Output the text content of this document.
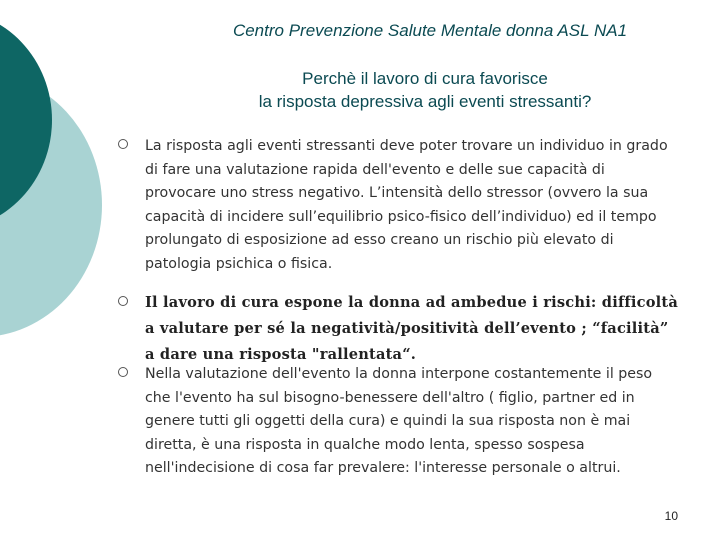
Centro Prevenzione Salute Mentale donna ASL NA1
Perchè il lavoro di cura favorisce
la risposta depressiva agli eventi stressanti?
La risposta agli eventi stressanti deve poter trovare un individuo in grado di fare una valutazione rapida dell'evento e delle sue capacità di provocare uno stress negativo. L’intensità dello stressor (ovvero la sua capacità di incidere sull’equilibrio psico-fisico dell’individuo) ed il tempo prolungato di esposizione ad esso creano un rischio più elevato di patologia psichica o fisica.
Il lavoro di cura espone la donna ad ambedue i rischi: difficoltà a valutare per sé la negatività/positività dell’evento ; “facilità” a dare una risposta "rallentata“.
Nella valutazione dell'evento la donna interpone costantemente il peso che l'evento ha sul bisogno-benessere dell'altro ( figlio, partner ed in genere tutti gli oggetti della cura) e quindi la sua risposta non è mai diretta, è una risposta in qualche modo lenta, spesso sospesa nell'indecisione di cosa far prevalere: l'interesse personale o altrui.
10
